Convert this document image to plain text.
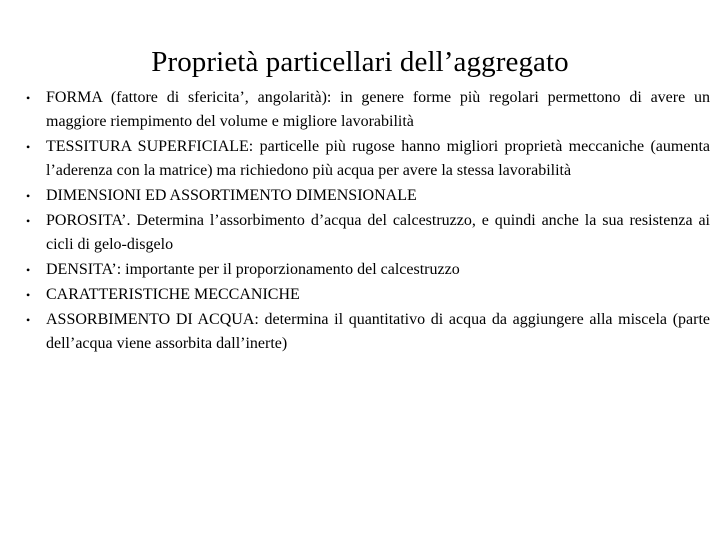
Proprietà particellari dell’aggregato
• FORMA (fattore di sfericita’, angolarità): in genere forme più regolari permettono di avere un maggiore riempimento del volume e migliore lavorabilità
• TESSITURA SUPERFICIALE: particelle più rugose hanno migliori proprietà meccaniche (aumenta l’aderenza con la matrice) ma richiedono più acqua per avere la stessa lavorabilità
• DIMENSIONI ED ASSORTIMENTO DIMENSIONALE
• POROSITA’. Determina l’assorbimento d’acqua del calcestruzzo, e quindi anche la sua resistenza ai cicli di gelo-disgelo
• DENSITA’: importante per il proporzionamento del calcestruzzo
• CARATTERISTICHE MECCANICHE
• ASSORBIMENTO DI ACQUA: determina il quantitativo di acqua da aggiungere alla miscela (parte dell’acqua viene assorbita dall’inerte)
